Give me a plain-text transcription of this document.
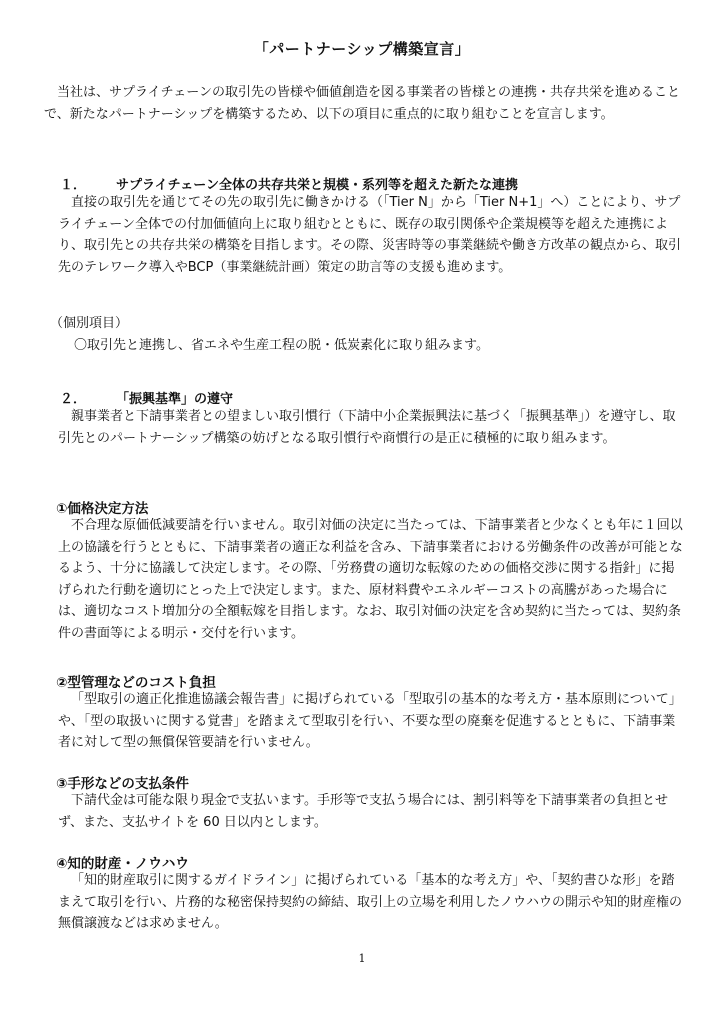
「パートナーシップ構築宣言」

当社は、サプライチェーンの取引先の皆様や価値創造を図る事業者の皆様との連携・共存共栄を進めることで、新たなパートナーシップを構築するため、以下の項目に重点的に取り組むことを宣言します。

１． サプライチェーン全体の共存共栄と規模・系列等を超えた新たな連携

直接の取引先を通じてその先の取引先に働きかける（「Tier N」から「Tier N+1」へ）ことにより、サプライチェーン全体での付加価値向上に取り組むとともに、既存の取引関係や企業規模等を超えた連携により、取引先との共存共栄の構築を目指します。その際、災害時等の事業継続や働き方改革の観点から、取引先のテレワーク導入やBCP（事業継続計画）策定の助言等の支援も進めます。

（個別項目）
〇取引先と連携し、省エネや生産工程の脱・低炭素化に取り組みます。
２． 「振興基準」の遵守

親事業者と下請事業者との望ましい取引慣行（下請中小企業振興法に基づく「振興基準」）を遵守し、取引先とのパートナーシップ構築の妨げとなる取引慣行や商慣行の是正に積極的に取り組みます。

①価格決定方法

不合理な原価低減要請を行いません。取引対価の決定に当たっては、下請事業者と少なくとも年に１回以上の協議を行うとともに、下請事業者の適正な利益を含み、下請事業者における労働条件の改善が可能となるよう、十分に協議して決定します。その際、「労務費の適切な転嫁のための価格交渉に関する指針」に掲げられた行動を適切にとった上で決定します。また、原材料費やエネルギーコストの高騰があった場合には、適切なコスト増加分の全額転嫁を目指します。なお、取引対価の決定を含め契約に当たっては、契約条件の書面等による明示・交付を行います。

②型管理などのコスト負担

「型取引の適正化推進協議会報告書」に掲げられている「型取引の基本的な考え方・基本原則について」や、「型の取扱いに関する覚書」を踏まえて型取引を行い、不要な型の廃棄を促進するとともに、下請事業者に対して型の無償保管要請を行いません。

③手形などの支払条件

下請代金は可能な限り現金で支払います。手形等で支払う場合には、割引料等を下請事業者の負担とせず、また、支払サイトを 60 日以内とします。

④知的財産・ノウハウ

「知的財産取引に関するガイドライン」に掲げられている「基本的な考え方」や、「契約書ひな形」を踏まえて取引を行い、片務的な秘密保持契約の締結、取引上の立場を利用したノウハウの開示や知的財産権の無償譲渡などは求めません。

1
